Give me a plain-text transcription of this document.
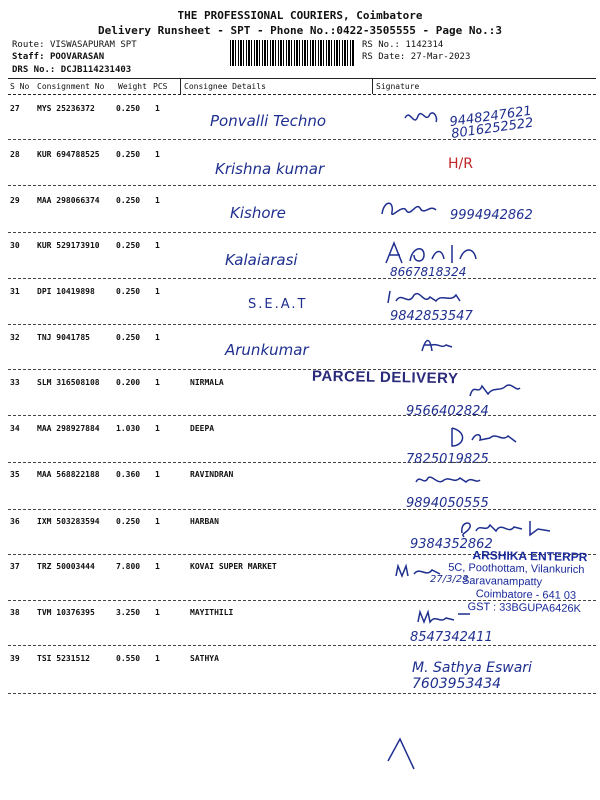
THE PROFESSIONAL COURIERS, Coimbatore
Delivery Runsheet - SPT - Phone No.:0422-3505555 - Page No.:3
Route: VISWASAPURAM SPT
Staff: POOVARASAN
DRS No.: DCJB114231403
RS No.: 1142314
RS Date: 27-Mar-2023
S No Consignment No Weight PCS Consignee Details	Signature
27 MYS 25236372	0.250 1
Ponvalli Techno	9448247621 8016252522
28 KUR 694788525 0.250 1
Krishna kumar	H/R
29 MAA 298066374 0.250 1
Kishore	9994942862
30 KUR 529173910 0.250 1
Kalaiarasi
8667818324
31 DPI 10419898	0.250 1
S.E.A.T
9842853547
32 TNJ 9041785	0.250 1
Arunkumar
33 SLM 316508108 0.200 1	NIRMALA
9566402824
34 MAA 298927884 1.030 1	DEEPA
7825019825
35 MAA 568822188 0.360 1	RAVINDRAN
9894050555
36 IXM 503283594 0.250 1	HARBAN
9384352862
37 TRZ 50003444	7.800 1	KOVAI SUPER MARKET
27/3/23
38 TVM 10376395	3.250 1	MAYITHILI
8547342411
39 TSI 5231512	0.550 1	SATHYA
M. Sathya Eswari 7603953434
PARCEL DELIVERY
ARSHIKA ENTERPR
5C, Poothottam, Vilankurich
Saravanampatty
Coimbatore - 641 03
GST : 33BGUPA6426K
